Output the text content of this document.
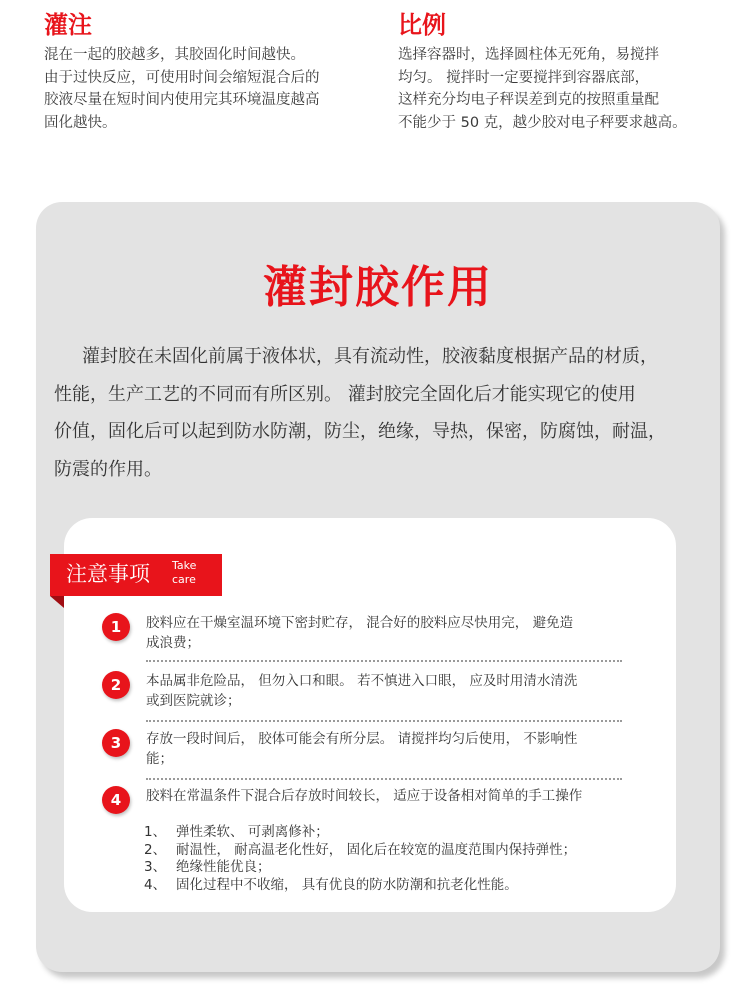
灌注
混在一起的胶越多，其胶固化时间越快。
由于过快反应，可使用时间会缩短混合后的
胶液尽量在短时间内使用完其环境温度越高
固化越快。
比例
选择容器时，选择圆柱体无死角，易搅拌
均匀。 搅拌时一定要搅拌到容器底部，
这样充分均电子秤误差到克的按照重量配
不能少于 50 克，越少胶对电子秤要求越高。
灌封胶作用
灌封胶在未固化前属于液体状，具有流动性，胶液黏度根据产品的材质，
性能，生产工艺的不同而有所区别。 灌封胶完全固化后才能实现它的使用
价值，固化后可以起到防水防潮，防尘，绝缘，导热，保密，防腐蚀，耐温，
防震的作用。
注意事项 Take
care
1	胶料应在干燥室温环境下密封贮存， 混合好的胶料应尽快用完， 避免造
成浪费；
2	本品属非危险品， 但勿入口和眼。 若不慎进入口眼， 应及时用清水清洗
或到医院就诊；
3	存放一段时间后， 胶体可能会有所分层。 请搅拌均匀后使用， 不影响性
能；
4	胶料在常温条件下混合后存放时间较长， 适应于设备相对简单的手工操作
1、 弹性柔软、 可剥离修补；
2、 耐温性， 耐高温老化性好， 固化后在较宽的温度范围内保持弹性；
3、 绝缘性能优良；
4、 固化过程中不收缩， 具有优良的防水防潮和抗老化性能。
